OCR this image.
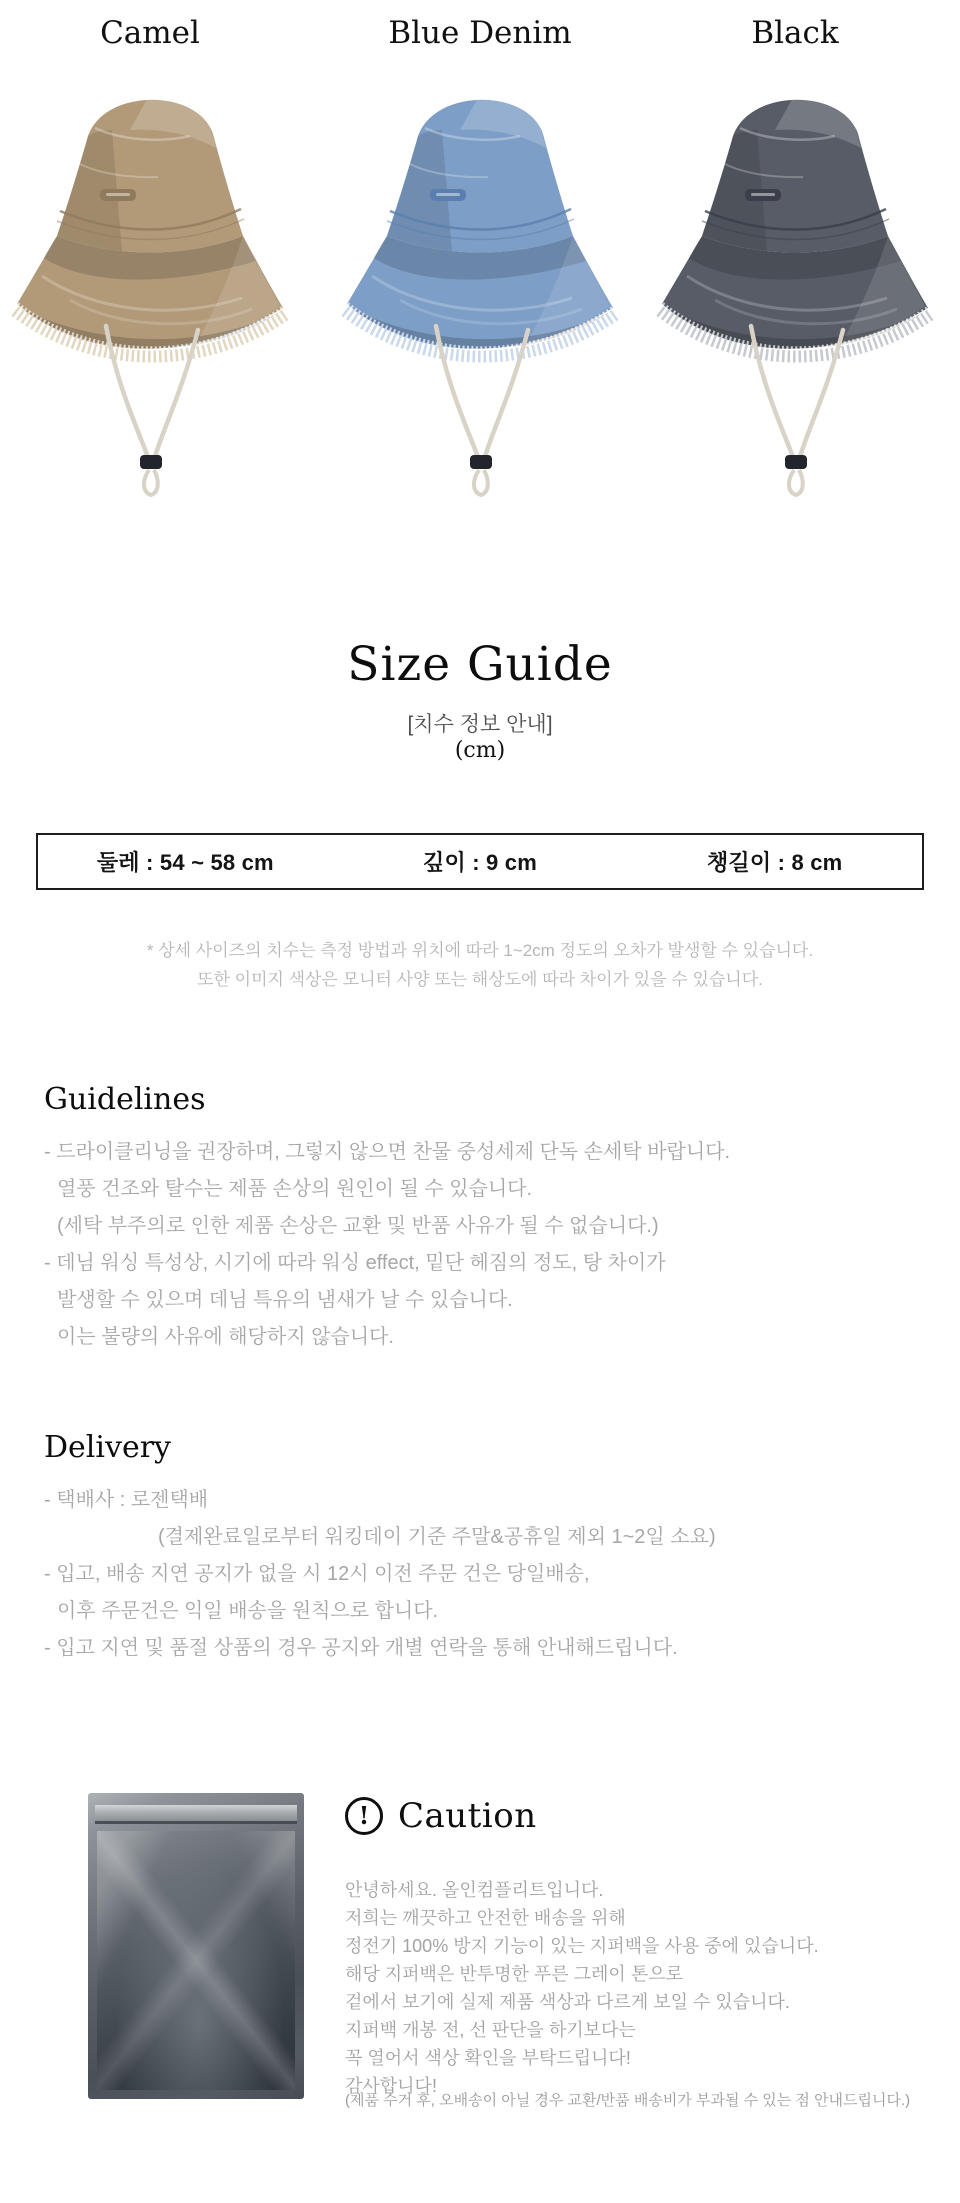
Blue Denim	Black
Camel
Size Guide
[치수 정보 안내]
(cm)
둘레 : 54 ~ 58 cm	깊이 : 9 cm	챙길이 : 8 cm
* 상세 사이즈의 치수는 측정 방법과 위치에 따라 1~2cm 정도의 오차가 발생할 수 있습니다.
또한 이미지 색상은 모니터 사양 또는 해상도에 따라 차이가 있을 수 있습니다.
Guidelines
- 드라이클리닝을 권장하며, 그렇지 않으면 찬물 중성세제 단독 손세탁 바랍니다.
열풍 건조와 탈수는 제품 손상의 원인이 될 수 있습니다.
(세탁 부주의로 인한 제품 손상은 교환 및 반품 사유가 될 수 없습니다.)
- 데님 워싱 특성상, 시기에 따라 워싱 effect, 밑단 헤짐의 정도, 탕 차이가
발생할 수 있으며 데님 특유의 냄새가 날 수 있습니다.
이는 불량의 사유에 해당하지 않습니다.
Delivery
- 택배사 : 로젠택배
(결제완료일로부터 워킹데이 기준 주말&공휴일 제외 1~2일 소요)
- 입고, 배송 지연 공지가 없을 시 12시 이전 주문 건은 당일배송,
이후 주문건은 익일 배송을 원칙으로 합니다.
- 입고 지연 및 품절 상품의 경우 공지와 개별 연락을 통해 안내해드립니다.
! Caution
안녕하세요. 올인컴플리트입니다.
저희는 깨끗하고 안전한 배송을 위해
정전기 100% 방지 기능이 있는 지퍼백을 사용 중에 있습니다.
해당 지퍼백은 반투명한 푸른 그레이 톤으로
겉에서 보기에 실제 제품 색상과 다르게 보일 수 있습니다.
지퍼백 개봉 전, 선 판단을 하기보다는
꼭 열어서 색상 확인을 부탁드립니다!
감사합니다!
(제품 수거 후, 오배송이 아닐 경우 교환/반품 배송비가 부과될 수 있는 점 안내드립니다.)
